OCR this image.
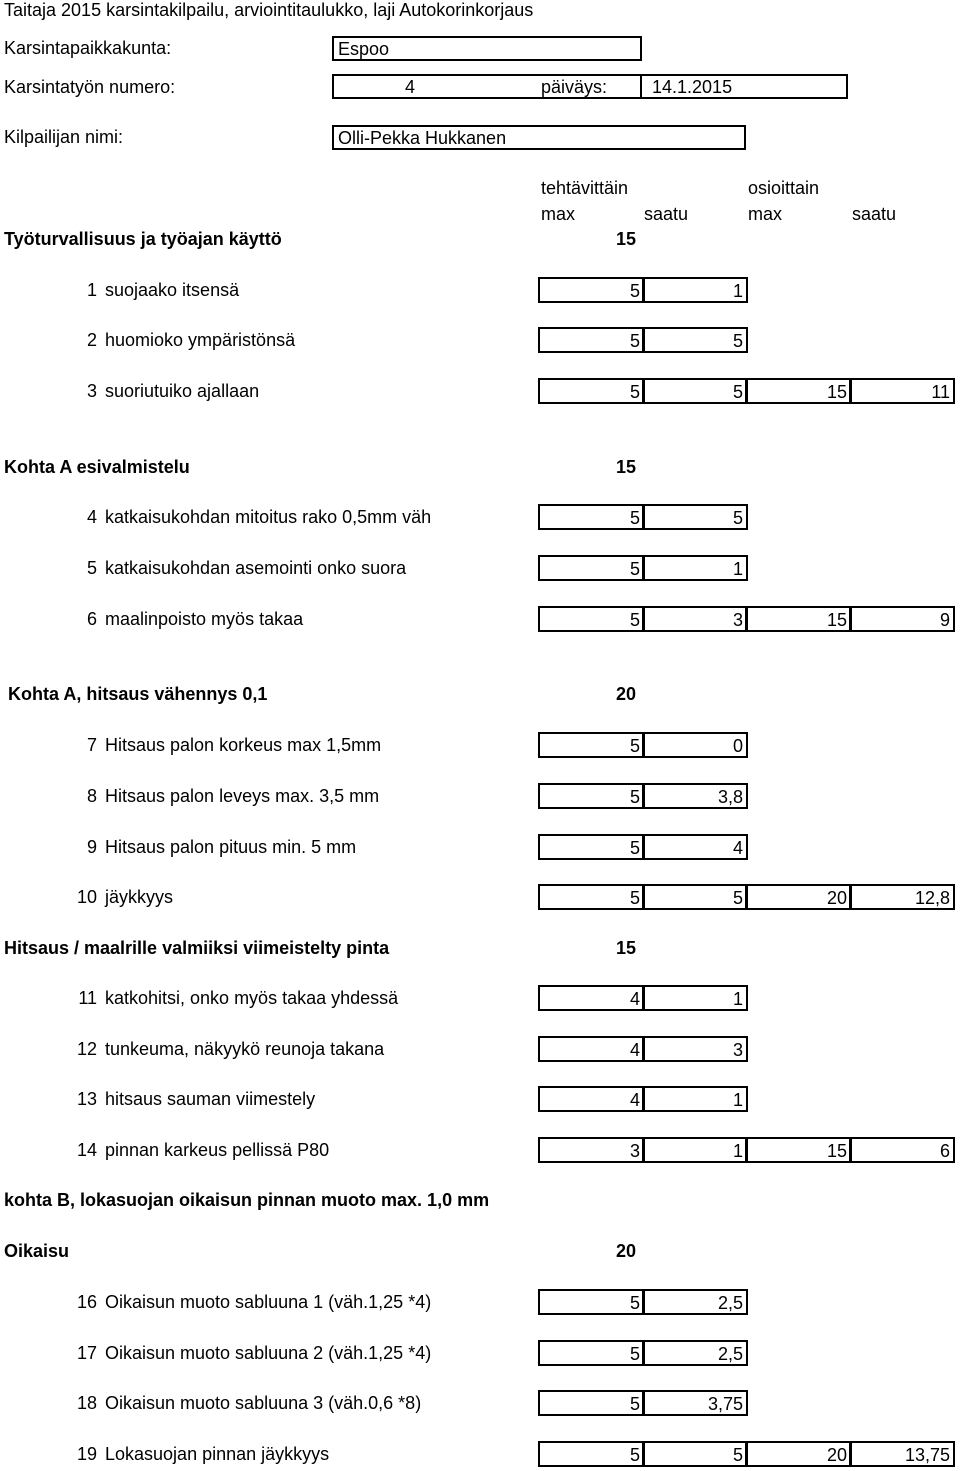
Taitaja 2015 karsintakilpailu, arviointitaulukko, laji Autokorinkorjaus
Karsintapaikkakunta:	Espoo
Karsintatyön numero:	4	päiväys: 14.1.2015
Kilpailijan nimi:	Olli-Pekka Hukkanen
tehtävittäin	osioittain
max	saatu	max	saatu
Työturvallisuus ja työajan käyttö	15
1 suojaako itsensä	5	1
2 huomioko ympäristönsä	5	5
3 suoriutuiko ajallaan	5	5	15	11
Kohta A esivalmistelu	15
4 katkaisukohdan mitoitus rako 0,5mm väh	5	5
5 katkaisukohdan asemointi onko suora	5	1
6 maalinpoisto myös takaa	5	3	15	9
Kohta A, hitsaus vähennys 0,1	20
7 Hitsaus palon korkeus max 1,5mm	5	0
8 Hitsaus palon leveys max. 3,5 mm	5	3,8
9 Hitsaus palon pituus min. 5 mm	5	4
10 jäykkyys	5	5	20	12,8
Hitsaus / maalrille valmiiksi viimeistelty pinta	15
11 katkohitsi, onko myös takaa yhdessä	4	1
12 tunkeuma, näkyykö reunoja takana	4	3
13 hitsaus sauman viimestely	4	1
14 pinnan karkeus pellissä P80	3	1	15	6
kohta B, lokasuojan oikaisun pinnan muoto max. 1,0 mm
Oikaisu	20
16 Oikaisun muoto sabluuna 1 (väh.1,25 *4)	5	2,5
17 Oikaisun muoto sabluuna 2 (väh.1,25 *4)	5	2,5
18 Oikaisun muoto sabluuna 3 (väh.0,6 *8)	5	3,75
19 Lokasuojan pinnan jäykkyys	5	5	20	13,75
